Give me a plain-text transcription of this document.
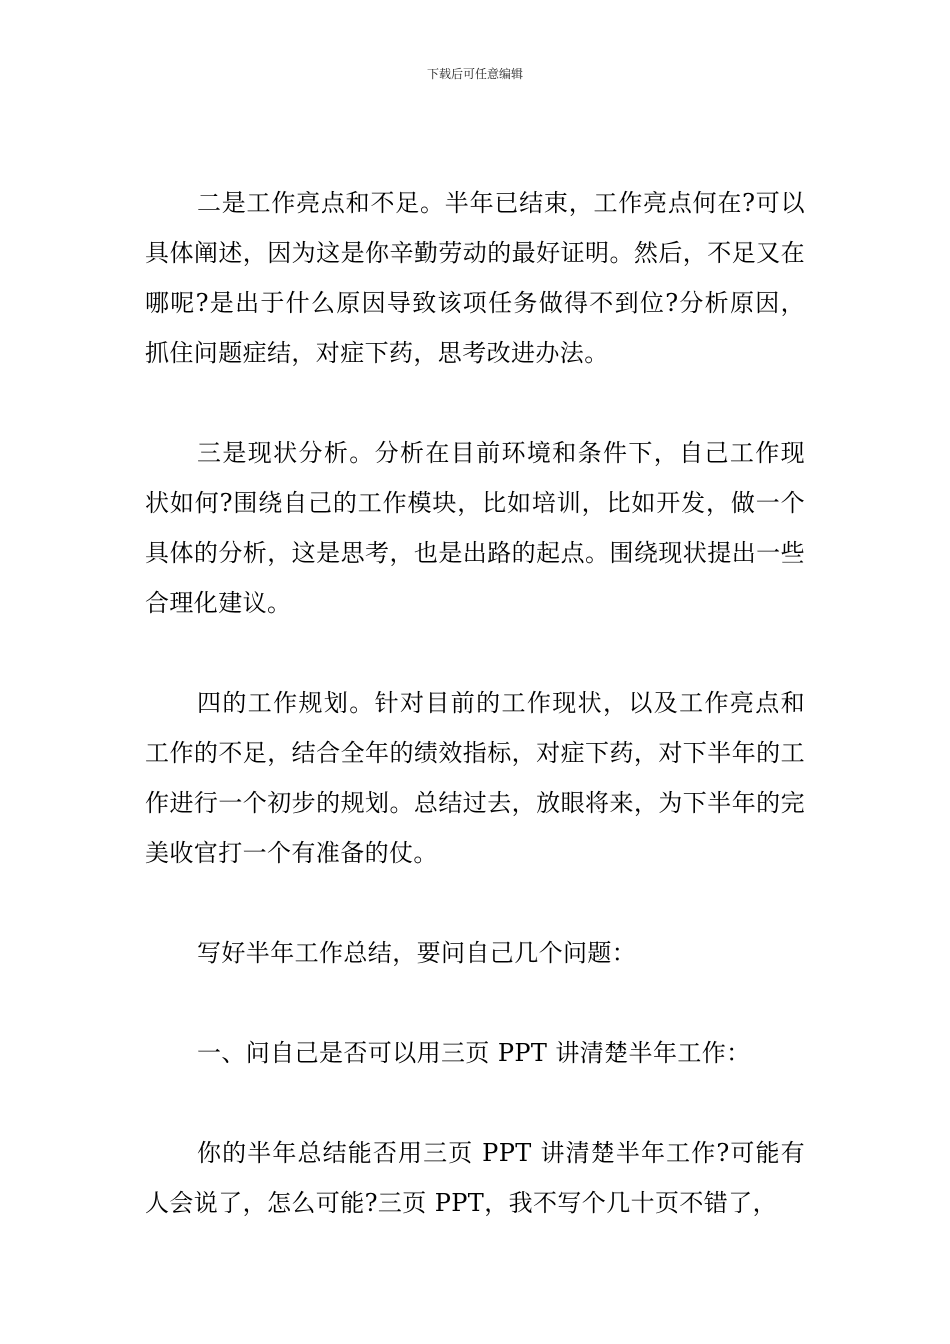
下载后可任意编辑

二是工作亮点和不足。半年已结束，工作亮点何在?可以具体阐述，因为这是你辛勤劳动的最好证明。然后，不足又在哪呢?是出于什么原因导致该项任务做得不到位?分析原因，抓住问题症结，对症下药，思考改进办法。

三是现状分析。分析在目前环境和条件下，自己工作现状如何?围绕自己的工作模块，比如培训，比如开发，做一个具体的分析，这是思考，也是出路的起点。围绕现状提出一些合理化建议。

四的工作规划。针对目前的工作现状，以及工作亮点和工作的不足，结合全年的绩效指标，对症下药，对下半年的工作进行一个初步的规划。总结过去，放眼将来，为下半年的完美收官打一个有准备的仗。

写好半年工作总结，要问自己几个问题：

一、问自己是否可以用三页 PPT 讲清楚半年工作：

你的半年总结能否用三页 PPT 讲清楚半年工作?可能有人会说了，怎么可能?三页 PPT，我不写个几十页不错了，
